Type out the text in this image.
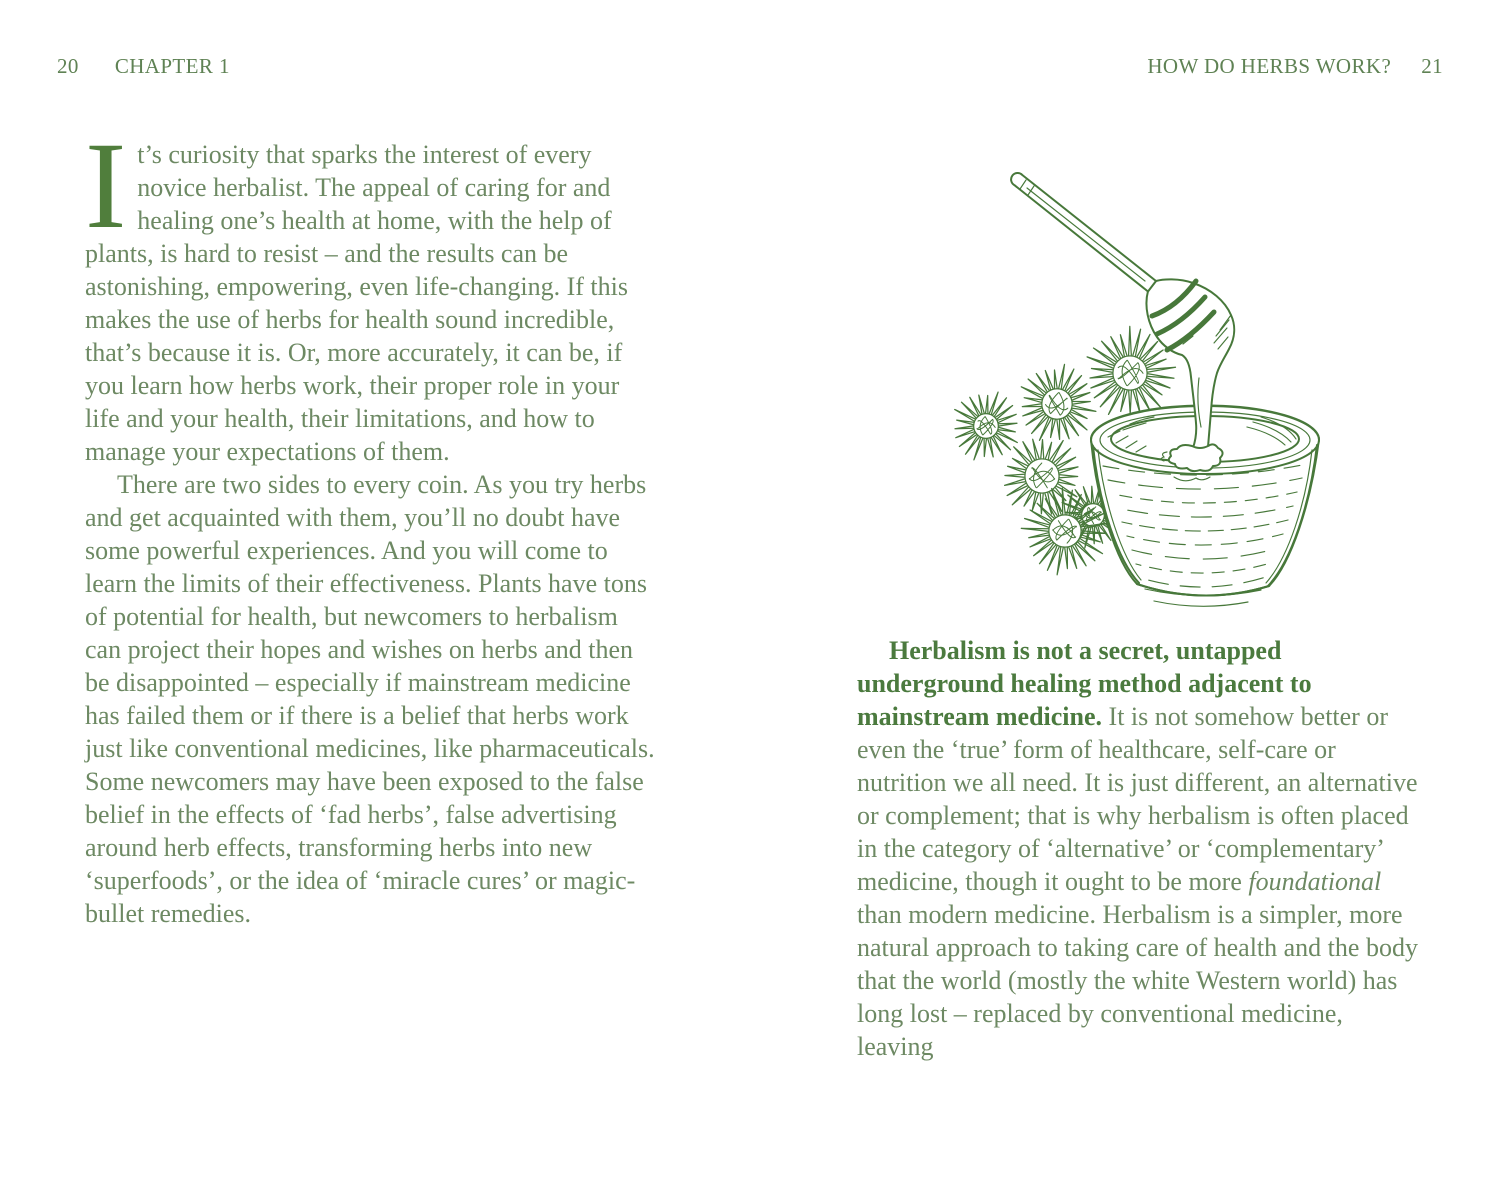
20 CHAPTER 1	HOW DO HERBS WORK? 21

It’s curiosity that sparks the interest of every novice herbalist. The appeal of caring for and healing one’s health at home, with the help of plants, is hard to resist – and the results can be astonishing, empowering, even life-changing. If this makes the use of herbs for health sound incredible, that’s because it is. Or, more accurately, it can be, if you learn how herbs work, their proper role in your life and your health, their limitations, and how to manage your expectations of them.

There are two sides to every coin. As you try herbs and get acquainted with them, you’ll no doubt have some powerful experiences. And you will come to learn the limits of their effectiveness. Plants have tons of potential for health, but newcomers to herbalism can project their hopes and wishes on herbs and then be disappointed – especially if mainstream medicine has failed them or if there is a belief that herbs work just like conventional medicines, like pharmaceuticals. Some newcomers may have been exposed to the false belief in the effects of ‘fad herbs’, false advertising around herb effects, transforming herbs into new ‘superfoods’, or the idea of ‘miracle cures’ or magic-bullet remedies.

Herbalism is not a secret, untapped underground healing method adjacent to mainstream medicine. It is not somehow better or even the ‘true’ form of healthcare, self-care or nutrition we all need. It is just different, an alternative or complement; that is why herbalism is often placed in the category of ‘alternative’ or ‘complementary’ medicine, though it ought to be more foundational than modern medicine. Herbalism is a simpler, more natural approach to taking care of health and the body that the world (mostly the white Western world) has long lost – replaced by conventional medicine, leaving
